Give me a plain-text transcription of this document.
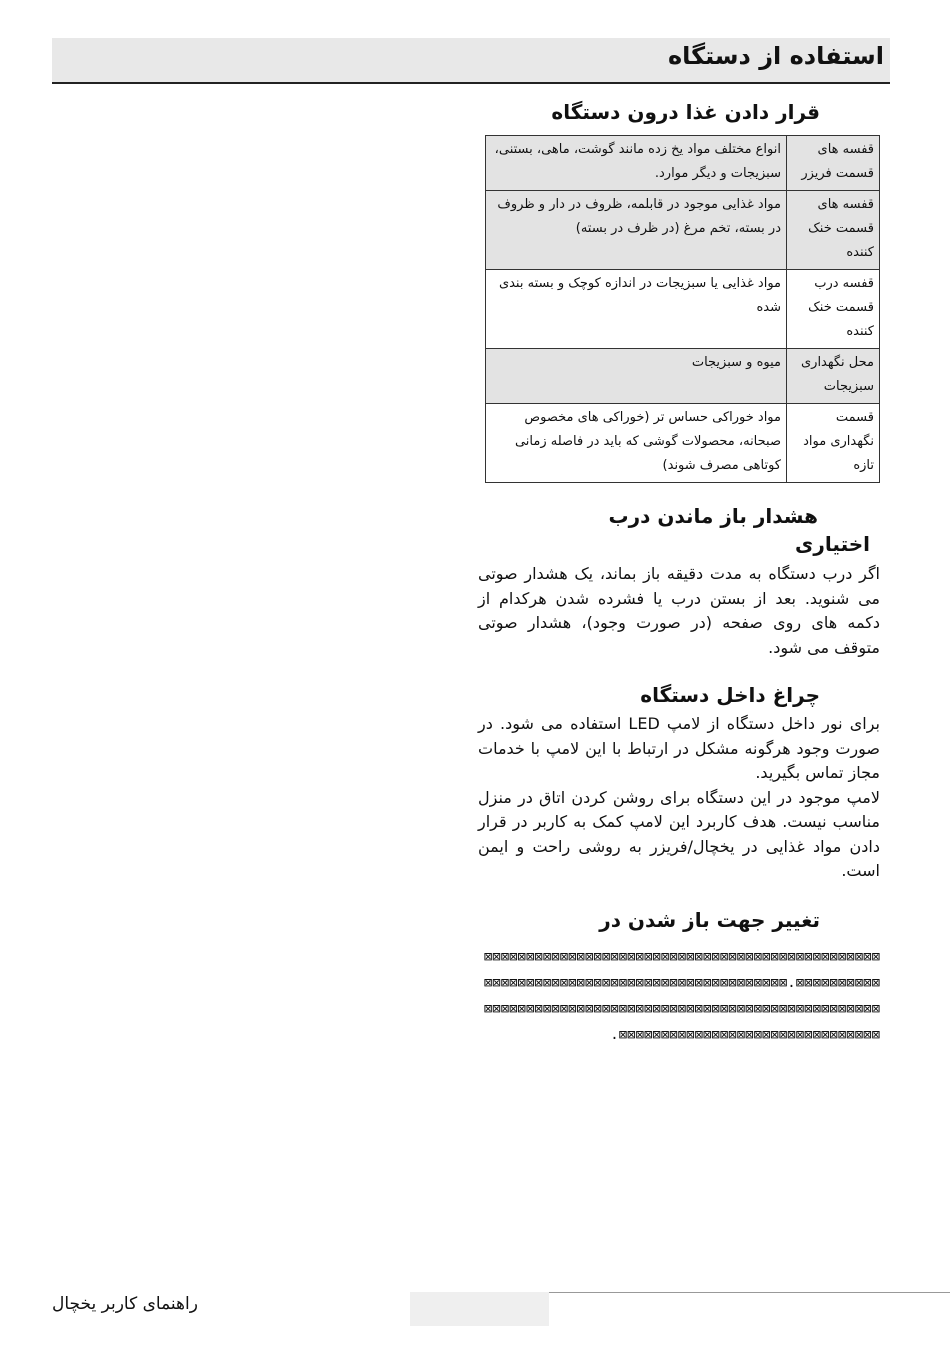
استفاده از دستگاه
قرار دادن غذا درون دستگاه
قفسه های قسمت فریزر	انواع مختلف مواد یخ زده مانند گوشت، ماهی، بستنی، سبزیجات و دیگر موارد.
قفسه های قسمت خنک کننده	مواد غذایی موجود در قابلمه، ظروف در دار و ظروف در بسته، تخم مرغ (در ظرف در بسته)
قفسه درب قسمت خنک کننده	مواد غذایی یا سبزیجات در اندازه کوچک و بسته بندی شده
محل نگهداری سبزیجات	میوه و سبزیجات
قسمت نگهداری مواد تازه	مواد خوراکی حساس تر (خوراکی های مخصوص صبحانه، محصولات گوشی که باید در فاصله زمانی کوتاهی مصرف شوند)
هشدار باز ماندن درب
اختیاری

اگر درب دستگاه به مدت دقیقه باز بماند، یک هشدار صوتی می شنوید. بعد از بستن درب یا فشرده شدن هرکدام از دکمه های روی صفحه (در صورت وجود)، هشدار صوتی متوقف می شود.

چراغ داخل دستگاه

برای نور داخل دستگاه از لامپ LED استفاده می شود. در صورت وجود هرگونه مشکل در ارتباط با این لامپ با خدمات مجاز تماس بگیرید.

لامپ موجود در این دستگاه برای روشن کردن اتاق در منزل مناسب نیست. هدف کاربرد این لامپ کمک به کاربر در قرار دادن مواد غذایی در یخچال/فریزر به روشی راحت و ایمن است.

تغییر جهت باز شدن در
⊠⊠⊠⊠⊠⊠⊠⊠⊠⊠⊠⊠⊠⊠⊠⊠⊠⊠⊠⊠⊠⊠⊠⊠⊠⊠⊠⊠⊠⊠⊠⊠⊠⊠⊠⊠⊠⊠⊠⊠⊠⊠⊠⊠⊠⊠⊠⊠⊠⊠⊠⊠⊠⊠⊠⊠⊠.⊠⊠⊠⊠⊠⊠⊠⊠⊠⊠⊠⊠⊠⊠⊠⊠⊠⊠⊠⊠⊠⊠⊠⊠⊠⊠⊠⊠⊠⊠⊠⊠⊠⊠⊠⊠⊠⊠⊠⊠⊠⊠⊠⊠⊠⊠⊠⊠⊠⊠⊠⊠⊠⊠⊠⊠⊠⊠⊠⊠⊠⊠⊠⊠⊠⊠⊠⊠⊠⊠⊠⊠⊠⊠⊠⊠⊠⊠⊠⊠⊠⊠⊠⊠⊠⊠⊠⊠⊠⊠⊠⊠⊠⊠⊠⊠⊠⊠⊠⊠⊠⊠⊠⊠⊠⊠⊠⊠⊠⊠⊠⊠⊠⊠.
راهنمای کاربر یخچال
